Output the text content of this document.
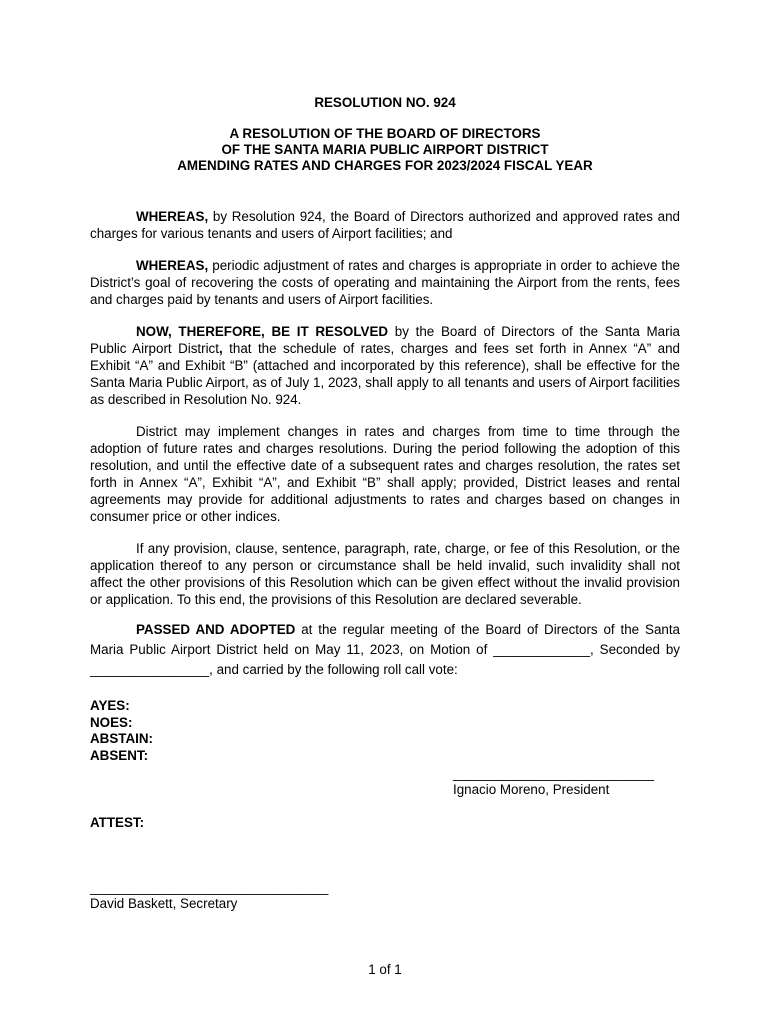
RESOLUTION NO. 924
A RESOLUTION OF THE BOARD OF DIRECTORS
OF THE SANTA MARIA PUBLIC AIRPORT DISTRICT
AMENDING RATES AND CHARGES FOR 2023/2024 FISCAL YEAR
WHEREAS, by Resolution 924, the Board of Directors authorized and approved rates and charges for various tenants and users of Airport facilities; and
WHEREAS, periodic adjustment of rates and charges is appropriate in order to achieve the District’s goal of recovering the costs of operating and maintaining the Airport from the rents, fees and charges paid by tenants and users of Airport facilities.
NOW, THEREFORE, BE IT RESOLVED by the Board of Directors of the Santa Maria Public Airport District, that the schedule of rates, charges and fees set forth in Annex “A” and Exhibit “A” and Exhibit “B” (attached and incorporated by this reference), shall be effective for the Santa Maria Public Airport, as of July 1, 2023, shall apply to all tenants and users of Airport facilities as described in Resolution No. 924.
District may implement changes in rates and charges from time to time through the adoption of future rates and charges resolutions. During the period following the adoption of this resolution, and until the effective date of a subsequent rates and charges resolution, the rates set forth in Annex “A”, Exhibit “A”, and Exhibit “B” shall apply; provided, District leases and rental agreements may provide for additional adjustments to rates and charges based on changes in consumer price or other indices.
If any provision, clause, sentence, paragraph, rate, charge, or fee of this Resolution, or the application thereof to any person or circumstance shall be held invalid, such invalidity shall not affect the other provisions of this Resolution which can be given effect without the invalid provision or application. To this end, the provisions of this Resolution are declared severable.
PASSED AND ADOPTED at the regular meeting of the Board of Directors of the Santa Maria Public Airport District held on May 11, 2023, on Motion of _____________, Seconded by ________________, and carried by the following roll call vote:
AYES:
NOES:
ABSTAIN:
ABSENT:
___________________________
Ignacio Moreno, President
ATTEST:
________________________________
David Baskett, Secretary
1 of 1
